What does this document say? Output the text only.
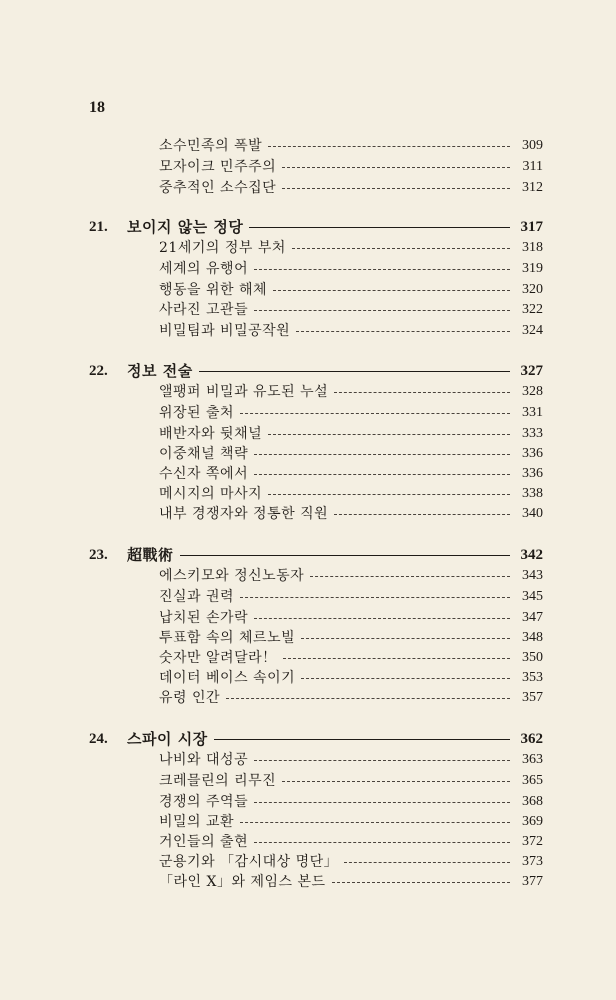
18
소수민족의 폭발	309
모자이크 민주주의	311
중추적인 소수집단	312
21.	보이지 않는 정당	317
21세기의 정부 부처	318
세계의 유행어	319
행동을 위한 해체	320
사라진 고관들	322
비밀팀과 비밀공작원	324
22.	정보 전술	327
앨팽퍼 비밀과 유도된 누설	328
위장된 출처	331
배반자와 뒷채널	333
이중채널 책략	336
수신자 쪽에서	336
메시지의 마사지	338
내부 경쟁자와 정통한 직원	340
23.	超戰術	342
에스키모와 정신노동자	343
진실과 권력	345
납치된 손가락	347
투표함 속의 체르노빌	348
숫자만 알려달라！	350
데이터 베이스 속이기	353
유령 인간	357
24.	스파이 시장	362
나비와 대성공	363
크레믈린의 리무진	365
경쟁의 주역들	368
비밀의 교환	369
거인들의 출현	372
군용기와 「감시대상 명단」	373
「라인 X」와 제임스 본드	377
